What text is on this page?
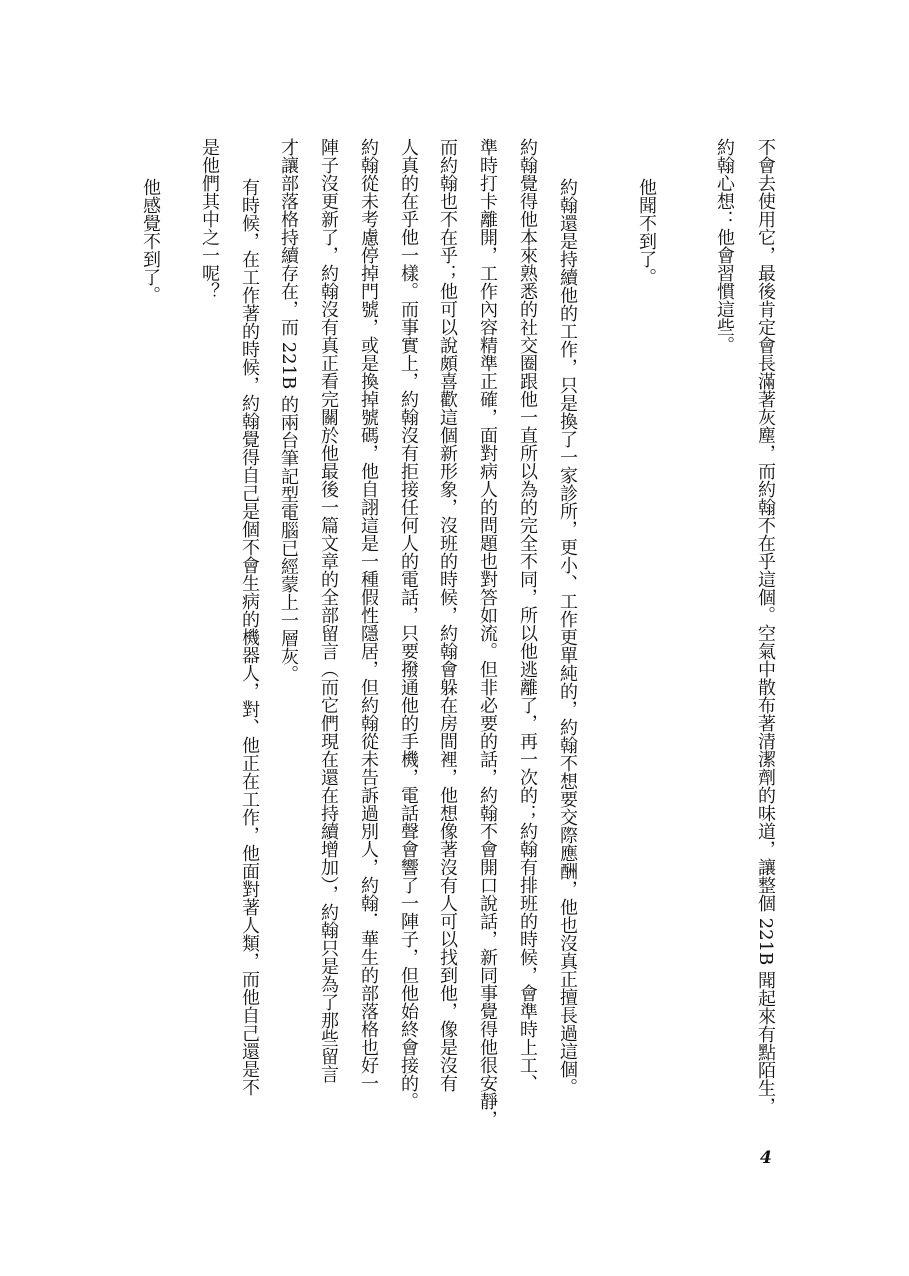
不會去使用它，最後肯定會長滿著灰塵，而約翰不在乎這個。空氣中散布著清潔劑的味道，讓整個 221B 聞起來有點陌生，
約翰心想：他會習慣這些。
他聞不到了。
約翰還是持續他的工作，只是換了一家診所，更小、工作更單純的，約翰不想要交際應酬，他也沒真正擅長過這個。
約翰覺得他本來熟悉的社交圈跟他一直所以為的完全不同，所以他逃離了，再一次的；約翰有排班的時候，會準時上工、
準時打卡離開，工作內容精準正確，面對病人的問題也對答如流。但非必要的話，約翰不會開口說話，新同事覺得他很安靜，
而約翰也不在乎；他可以說頗喜歡這個新形象，沒班的時候，約翰會躲在房間裡，他想像著沒有人可以找到他，像是沒有
人真的在乎他一樣。而事實上，約翰沒有拒接任何人的電話，只要撥通他的手機，電話聲會響了一陣子，但他始終會接的。
約翰從未考慮停掉門號，或是換掉號碼，他自詡這是一種假性隱居，但約翰從未告訴過別人，約翰．華生的部落格也好一
陣子沒更新了，約翰沒有真正看完關於他最後一篇文章的全部留言（而它們現在還在持續增加），約翰只是為了那些留言
才讓部落格持續存在，而 221B 的兩台筆記型電腦已經蒙上一層灰。
有時候，在工作著的時候，約翰覺得自己是個不會生病的機器人，對、他正在工作，他面對著人類，而他自己還是不
是他們其中之一呢？
他感覺不到了。
4
